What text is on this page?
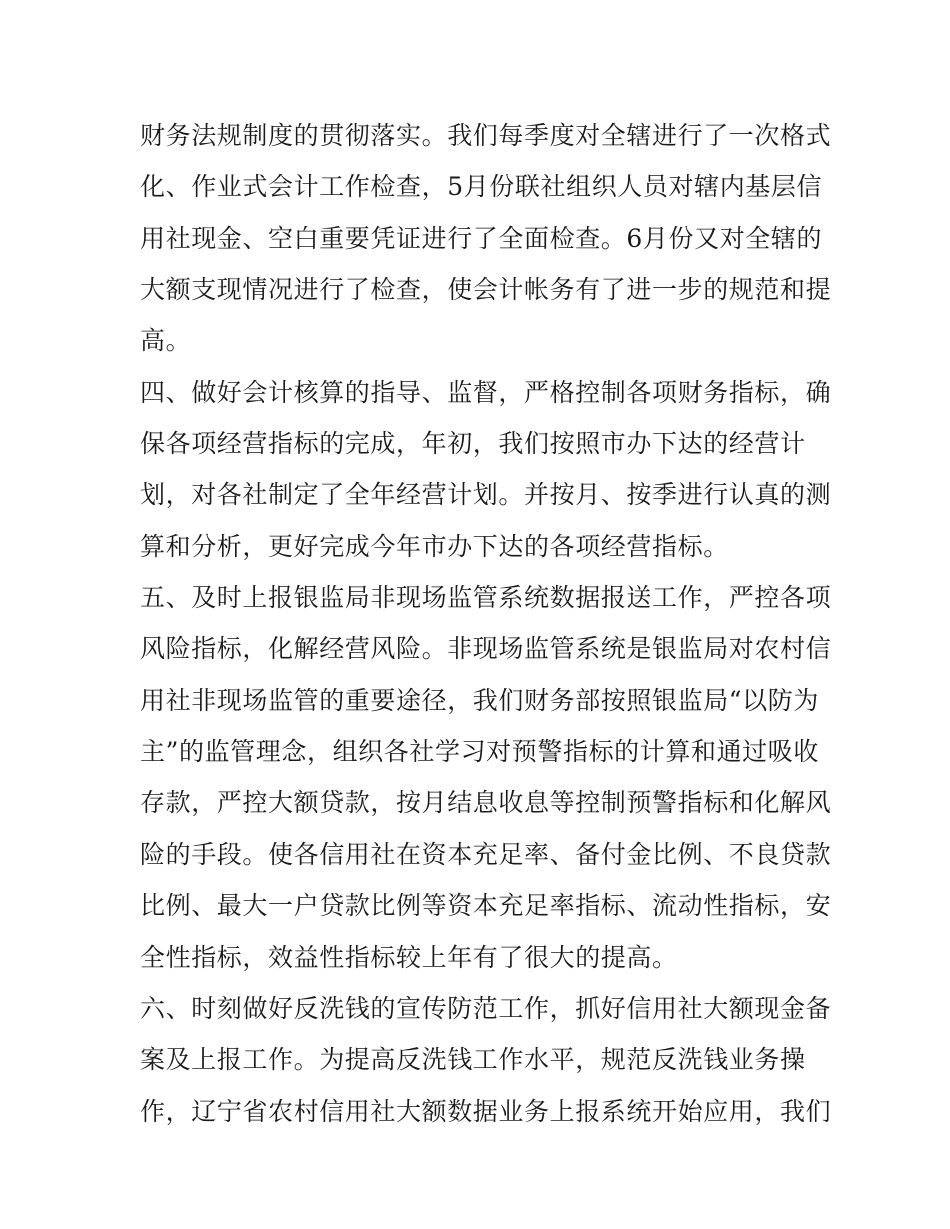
财务法规制度的贯彻落实。我们每季度对全辖进行了一次格式
化、作业式会计工作检查，5月份联社组织人员对辖内基层信
用社现金、空白重要凭证进行了全面检查。6月份又对全辖的
大额支现情况进行了检查，使会计帐务有了进一步的规范和提
高。
四、做好会计核算的指导、监督，严格控制各项财务指标，确
保各项经营指标的完成，年初，我们按照市办下达的经营计
划，对各社制定了全年经营计划。并按月、按季进行认真的测
算和分析，更好完成今年市办下达的各项经营指标。
五、及时上报银监局非现场监管系统数据报送工作，严控各项
风险指标，化解经营风险。非现场监管系统是银监局对农村信
用社非现场监管的重要途径，我们财务部按照银监局“以防为
主”的监管理念，组织各社学习对预警指标的计算和通过吸收
存款，严控大额贷款，按月结息收息等控制预警指标和化解风
险的手段。使各信用社在资本充足率、备付金比例、不良贷款
比例、最大一户贷款比例等资本充足率指标、流动性指标，安
全性指标，效益性指标较上年有了很大的提高。
六、时刻做好反洗钱的宣传防范工作，抓好信用社大额现金备
案及上报工作。为提高反洗钱工作水平，规范反洗钱业务操
作，辽宁省农村信用社大额数据业务上报系统开始应用，我们
